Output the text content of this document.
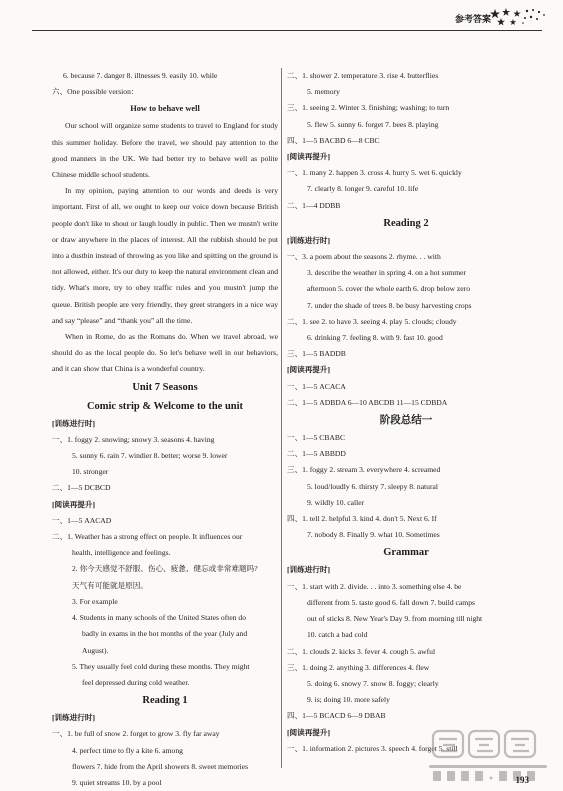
参考答案
6. because 7. danger 8. illnesses 9. easily 10. while
六、One possible version：
How to behave well
Our school will organize some students to travel to England for study this summer holiday. Before the travel, we should pay attention to the good manners in the UK. We had better try to behave well as polite Chinese middle school students.
In my opinion, paying attention to our words and deeds is very important. First of all, we ought to keep our voice down because British people don't like to shout or laugh loudly in public. Then we mustn't write or draw anywhere in the places of interest. All the rubbish should be put into a dustbin instead of throwing as you like and spitting on the ground is not allowed, either. It's our duty to keep the natural environment clean and tidy. What's more, try to obey traffic rules and you mustn't jump the queue. British people are very friendly, they greet strangers in a nice way and say “please” and “thank you” all the time.
When in Rome, do as the Romans do. When we travel abroad, we should do as the local people do. So let's behave well in our behaviors, and it can show that China is a wonderful country.
Unit 7 Seasons
Comic strip & Welcome to the unit
[训练进行时]
一、1. foggy 2. snowing; snowy 3. seasons 4. having
5. sunny 6. rain 7. windier 8. better; worse 9. lower
10. stronger
二、1—5 DCBCD
[阅读再提升]
一、1—5 AACAD
二、1. Weather has a strong effect on people. It influences our
health, intelligence and feelings.
2. 你今天感觉不舒服、伤心、疲惫、健忘或非常难题吗?
天气有可能就是原因。
3. For example
4. Students in many schools of the United States often do
badly in exams in the hot months of the year (July and
August).
5. They usually feel cold during these months. They might
feel depressed during cold weather.
Reading 1
[训练进行时]
一、1. be full of snow 2. forget to grow 3. fly far away
4. perfect time to fly a kite 6. among
flowers 7. hide from the April showers 8. sweet memories
9. quiet streams 10. by a pool
二、1. shower 2. temperature 3. rise 4. butterflies
5. memory
三、1. seeing 2. Winter 3. finishing; washing; to turn
5. flew 5. sunny 6. forget 7. bees 8. playing
四、1—5 BACBD 6—8 CBC
[阅读再提升]
一、1. many 2. happen 3. cross 4. hurry 5. wet 6. quickly
7. clearly 8. longer 9. careful 10. life
二、1—4 DDBB
Reading 2
[训练进行时]
一、3. a poem about the seasons 2. rhyme. . . with
3. describe the weather in spring 4. on a hot summer
afternoon 5. cover the whole earth 6. drop below zero
7. under the shade of trees 8. be busy harvesting crops
二、1. see 2. to have 3. seeing 4. play 5. clouds; cloudy
6. drinking 7. feeling 8. with 9. fast 10. good
三、1—5 BADDB
[阅读再提升]
一、1—5 ACACA
二、1—5 ADBDA 6—10 ABCDB 11—15 CDBDA
阶段总结一
一、1—5 CBABC
二、1—5 ABBDD
三、1. foggy 2. stream 3. everywhere 4. screamed
5. loud/loudly 6. thirsty 7. sleepy 8. natural
9. wildly 10. caller
四、1. tell 2. helpful 3. kind 4. don't 5. Next 6. If
7. nobody 8. Finally 9. what 10. Sometimes
Grammar
[训练进行时]
一、1. start with 2. divide. . . into 3. something else 4. be
different from 5. taste good 6. fall down 7. build camps
out of sticks 8. New Year's Day 9. from morning till night
10. catch a bad cold
二、1. clouds 2. kicks 3. fever 4. cough 5. awful
三、1. doing 2. anything 3. differences 4. flew
5. doing 6. snowy 7. snow 8. foggy; clearly
9. is; doing 10. more safely
四、1—5 BCACD 6—9 DBAB
[阅读再提升]
一、1. information 2. pictures 3. speech 4. forget 5. still
193
